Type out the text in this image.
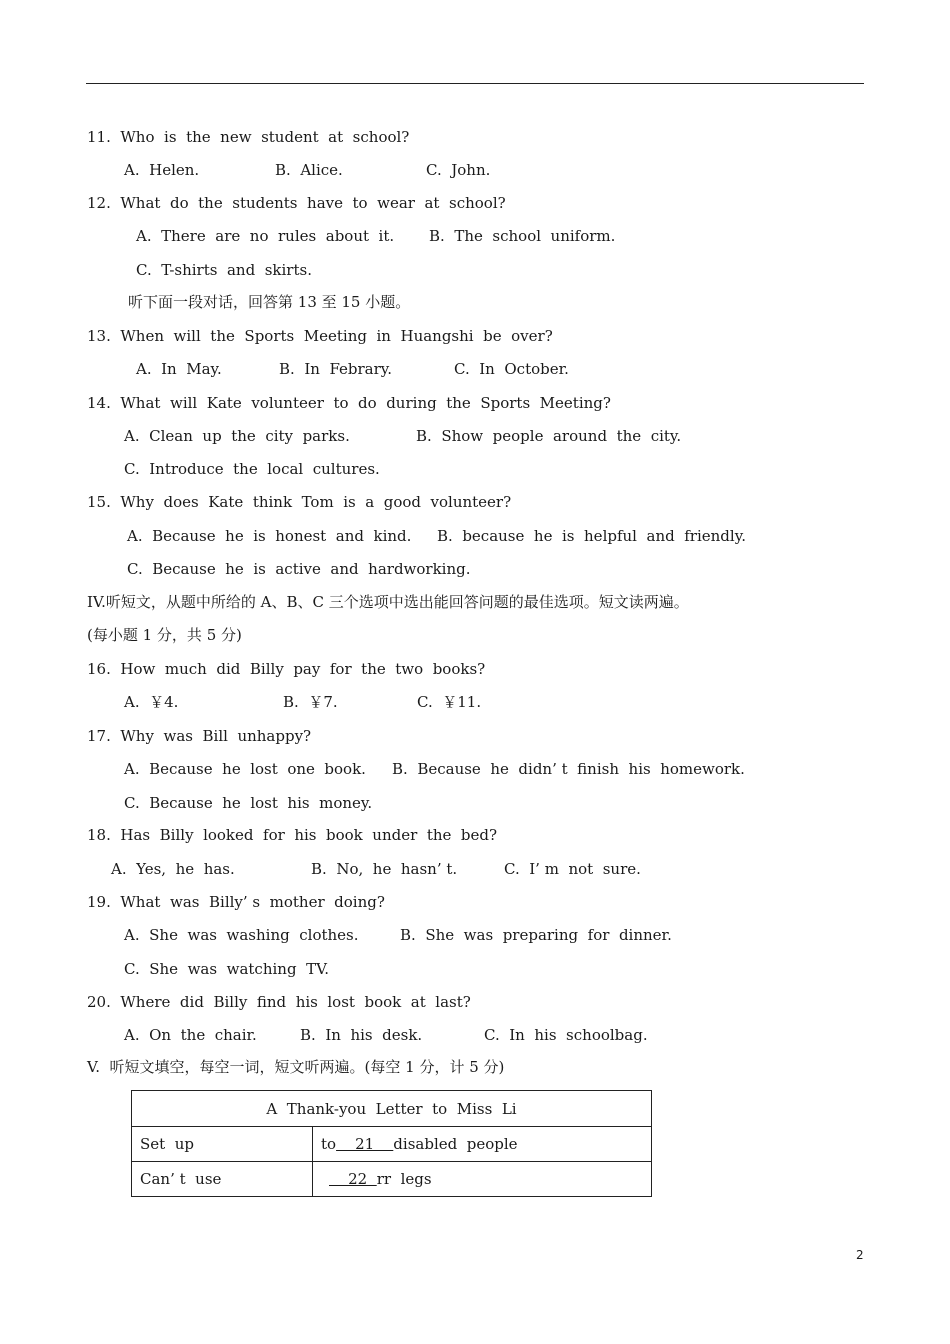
11.  Who  is  the  new  student  at  school?
A.  Helen.	B.  Alice.	C.  John.
12.  What  do  the  students  have  to  wear  at  school?
A.  There  are  no  rules  about  it. B.  The  school  uniform.
C.  T-shirts  and  skirts.
听下面一段对话，回答第 13 至 15 小题。
13.  When  will  the  Sports  Meeting  in  Huangshi  be  over?
A.  In  May.	B.  In  Febrary.	C.  In  October.
14.  What  will  Kate  volunteer  to  do  during  the  Sports  Meeting?
A.  Clean  up  the  city  parks.	B.  Show  people  around  the  city.
C.  Introduce  the  local  cultures.
15.  Why  does  Kate  think  Tom  is  a  good  volunteer?
A.  Because  he  is  honest  and  kind. B.  because  he  is  helpful  and  friendly.
C.  Because  he  is  active  and  hardworking.
IV.听短文，从题中所给的 A、B、C 三个选项中选出能回答问题的最佳选项。短文读两遍。
(每小题 1 分，共 5 分)
16.  How  much  did  Billy  pay  for  the  two  books?
A.  ￥4.	B.  ￥7.	C.  ￥11.
17.  Why  was  Bill  unhappy?
A.  Because  he  lost  one  book. B.  Because  he  didn’ t  finish  his  homework.
C.  Because  he  lost  his  money.
18.  Has  Billy  looked  for  his  book  under  the  bed?
A.  Yes,  he  has.	B.  No,  he  hasn’ t.	C.  I’ m  not  sure.
19.  What  was  Billy’ s  mother  doing?
A.  She  was  washing  clothes.	B.  She  was  preparing  for  dinner.
C.  She  was  watching  TV.
20.  Where  did  Billy  find  his  lost  book  at  last?
A.  On  the  chair.	B.  In  his  desk.	C.  In  his  schoolbag.
V.  听短文填空，每空一词，短文听两遍。(每空 1 分，计 5 分)
A  Thank-you  Letter  to  Miss  Li	
Set  up	to    21    disabled  people
Can’ t  use	22  rr  legs
2
